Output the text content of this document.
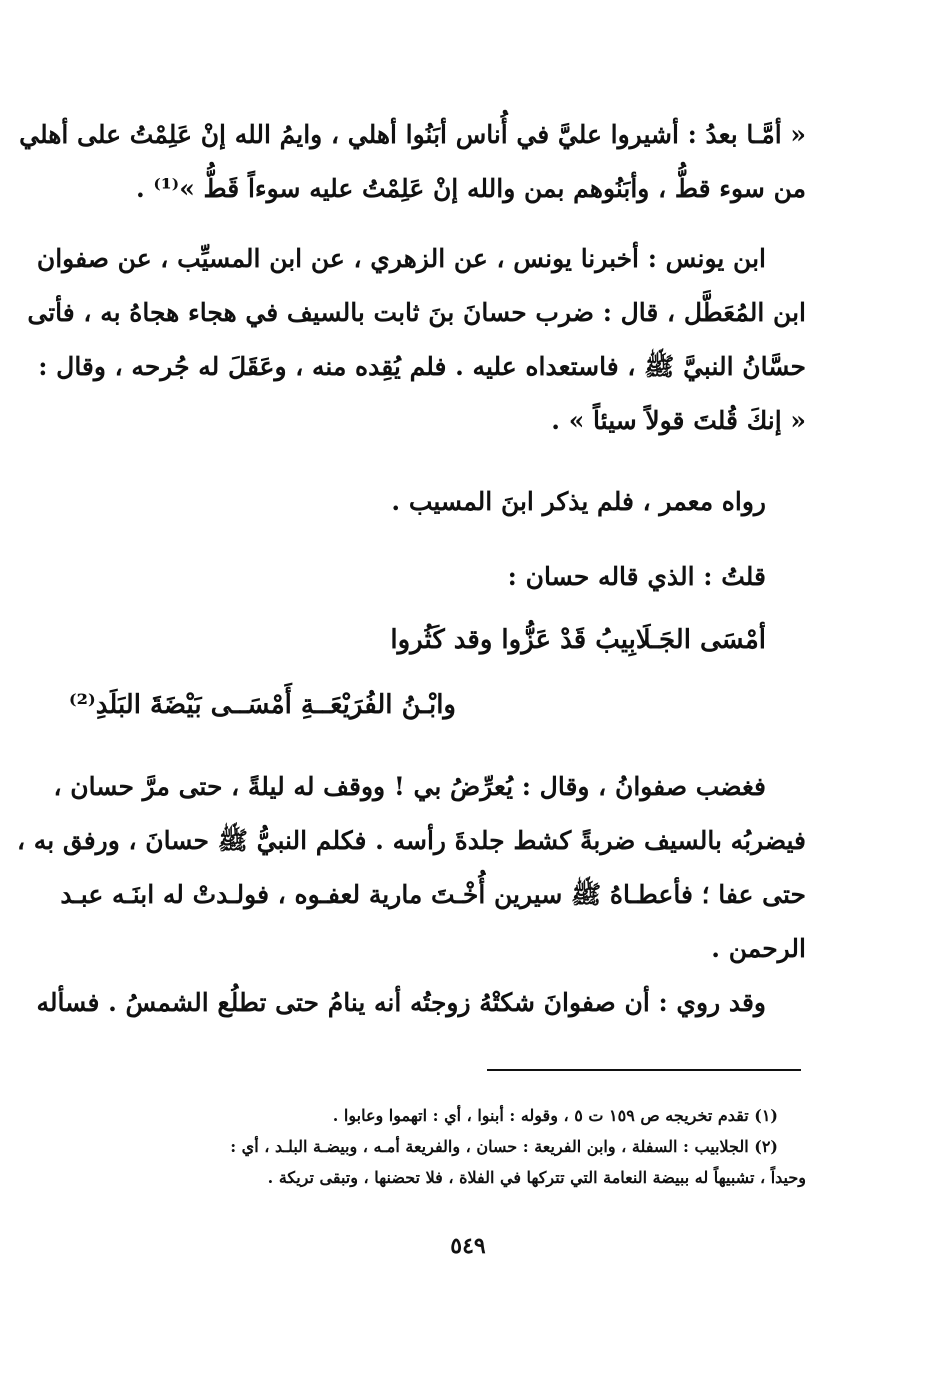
« أمَّـا بعدُ : أشيروا عليَّ في أُناس أبَنُوا أهلي ، وايمُ الله إنْ عَلِمْتُ على أهلي
من سوء قطُّ ، وأبَنُوهم بمن والله إنْ عَلِمْتُ عليه سوءاً قَطُّ »⁽¹⁾ .
ابن يونس : أخبرنا يونس ، عن الزهري ، عن ابن المسيِّب ، عن صفوان
ابن المُعَطَّل ، قال : ضرب حسانَ بنَ ثابت بالسيف في هجاء هجاهُ به ، فأتى
حسَّانُ النبيَّ ﷺ ، فاستعداه عليه . فلم يُقِده منه ، وعَقَلَ له جُرحه ، وقال :
« إنكَ قُلتَ قولاً سيئاً » .
رواه معمر ، فلم يذكر ابنَ المسيب .
قلتُ : الذي قاله حسان :
أمْسَى الجَـلَابِيبُ قَدْ عَزُّوا وقد كَثُروا
وابْـنُ الفُرَيْعَــةِ أَمْسَــى بَيْضَةَ البَلَدِ⁽²⁾
فغضب صفوانُ ، وقال : يُعرِّضُ بي ! ووقف له ليلةً ، حتى مرَّ حسان ،
فيضربُه بالسيف ضربةً كشط جلدةَ رأسه . فكلم النبيُّ ﷺ حسانَ ، ورفق به ،
حتى عفا ؛ فأعطـاهُ ﷺ سيرين أُخْـتَ مارية لعفـوه ، فولـدتْ له ابنَـه عبـد
الرحمن .
وقد روي : أن صفوانَ شكتْهُ زوجتُه أنه ينامُ حتى تطلُع الشمسُ . فسأله
(١) تقدم تخريجه ص ١٥٩ ت ٥ ، وقوله : أبنوا ، أي : اتهموا وعابوا .
(٢) الجلابيب : السفلة ، وابن الفريعة : حسان ، والفريعة أمـه ، وبيضـة البلـد ، أي :
وحيداً ، تشبيهاً له ببيضة النعامة التي تتركها في الفلاة ، فلا تحضنها ، وتبقى تريكة .
٥٤٩
